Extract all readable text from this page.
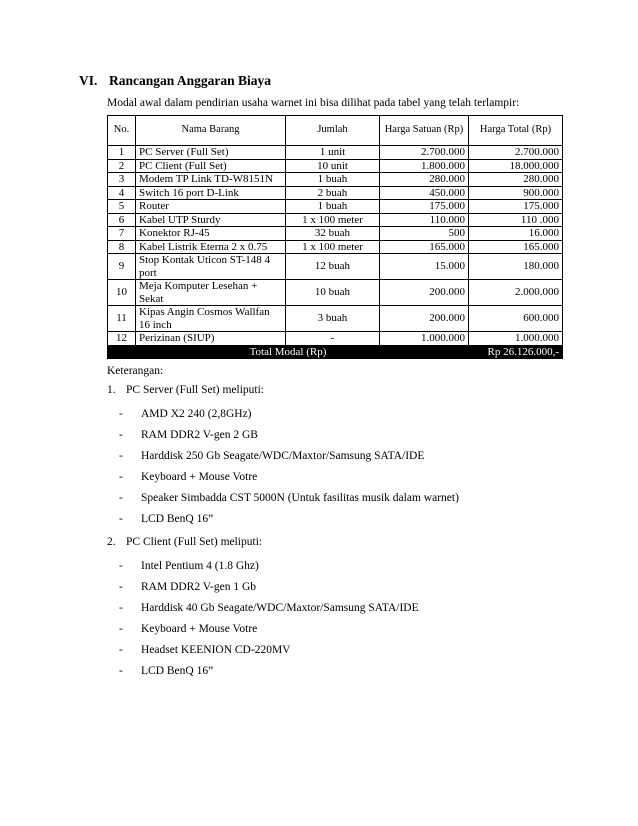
VI. Rancangan Anggaran Biaya
Modal awal dalam pendirian usaha warnet ini bisa dilihat pada tabel yang telah terlampir:
No.	Nama Barang	Jumlah	Harga Satuan (Rp)	Harga Total (Rp)
1	PC Server (Full Set)	1 unit	2.700.000	2.700.000
2	PC Client (Full Set)	10 unit	1.800.000	18.000.000
3	Modem TP Link TD-W8151N	1 buah	280.000	280.000
4	Switch 16 port D-Link	2 buah	450.000	900.000
5	Router	1 buah	175.000	175.000
6	Kabel UTP Sturdy	1 x 100 meter	110.000	110 .000
7	Konektor RJ-45	32 buah	500	16.000
8	Kabel Listrik Eterna 2 x 0.75	1 x 100 meter	165.000	165.000
9	Stop Kontak Uticon ST-148 4 port	12 buah	15.000	180.000
10	Meja Komputer Lesehan + Sekat	10 buah	200.000	2.000.000
11	Kipas Angin Cosmos Wallfan 16 inch	3 buah	200.000	600.000
12	Perizinan (SIUP)	-	1.000.000	1.000.000
Total Modal (Rp)				Rp 26.126.000,-
Keterangan:
1. PC Server (Full Set) meliputi:
- AMD X2 240 (2,8GHz)
- RAM DDR2 V-gen 2 GB
- Harddisk 250 Gb Seagate/WDC/Maxtor/Samsung SATA/IDE
- Keyboard + Mouse Votre
- Speaker Simbadda CST 5000N (Untuk fasilitas musik dalam warnet)
- LCD BenQ 16”
2. PC Client (Full Set) meliputi:
- Intel Pentium 4 (1.8 Ghz)
- RAM DDR2 V-gen 1 Gb
- Harddisk 40 Gb Seagate/WDC/Maxtor/Samsung SATA/IDE
- Keyboard + Mouse Votre
- Headset KEENION CD-220MV
- LCD BenQ 16”
